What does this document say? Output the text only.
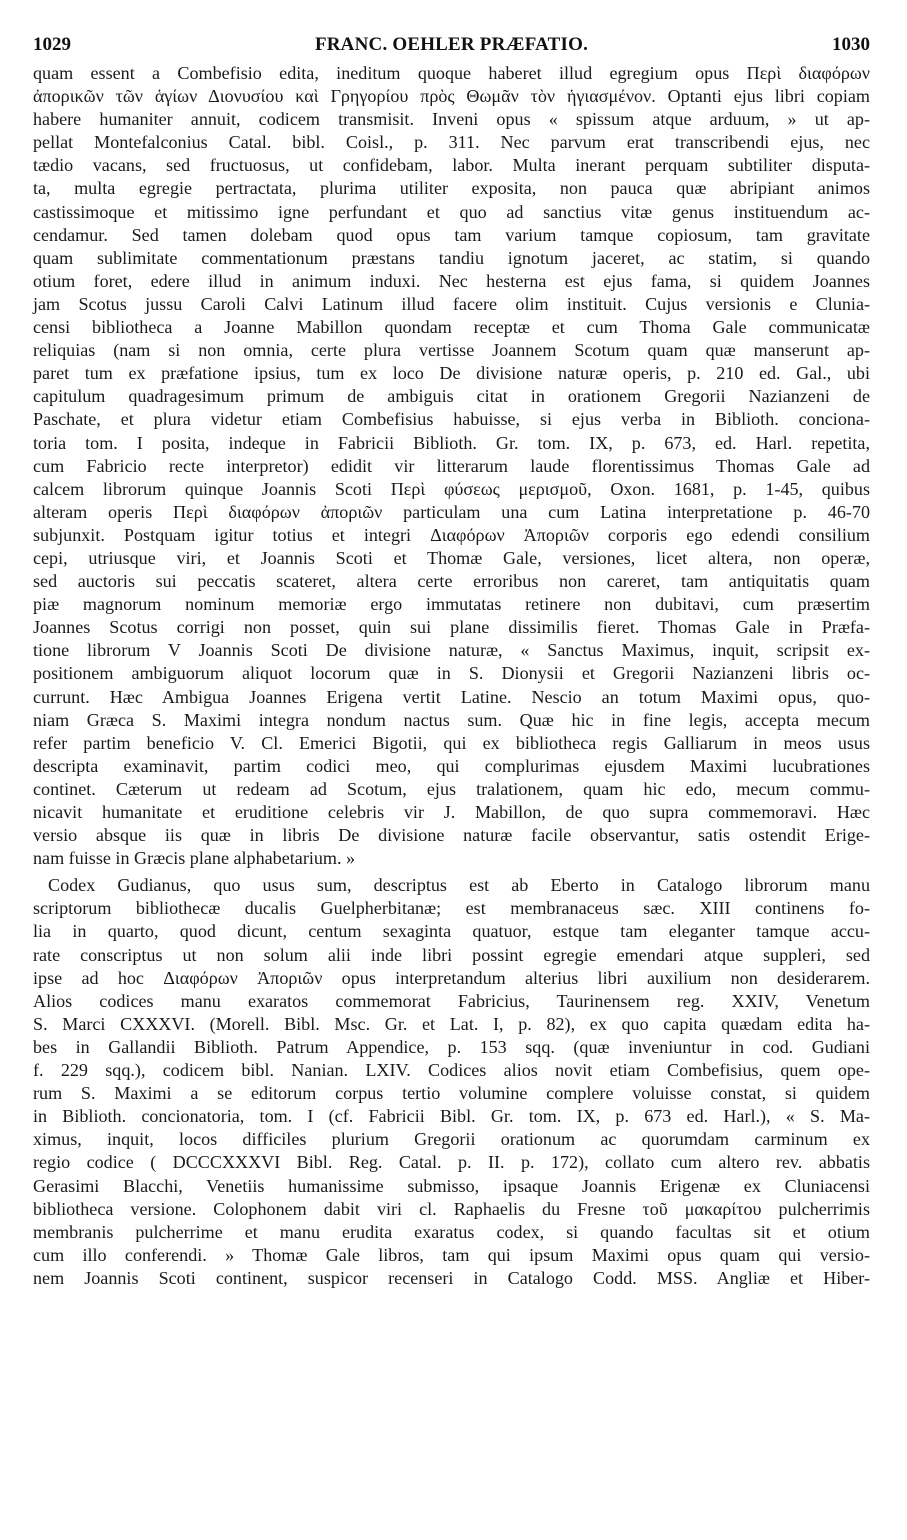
1029	FRANC. OEHLER PRÆFATIO.	1030
quam essent a Combefisio edita, ineditum quoque haberet illud egregium opus Περὶ διαφόρων
ἀπορικῶν τῶν ἁγίων Διονυσίου καὶ Γρηγορίου πρὸς Θωμᾶν τὸν ἡγιασμένον. Optanti ejus libri copiam
habere humaniter annuit, codicem transmisit. Inveni opus « spissum atque arduum, » ut ap-
pellat Montefalconius Catal. bibl. Coisl., p. 311. Nec parvum erat transcribendi ejus, nec
tædio vacans, sed fructuosus, ut confidebam, labor. Multa inerant perquam subtiliter disputa-
ta, multa egregie pertractata, plurima utiliter exposita, non pauca quæ abripiant animos
castissimoque et mitissimo igne perfundant et quo ad sanctius vitæ genus instituendum ac-
cendamur. Sed tamen dolebam quod opus tam varium tamque copiosum, tam gravitate
quam sublimitate commentationum præstans tandiu ignotum jaceret, ac statim, si quando
otium foret, edere illud in animum induxi. Nec hesterna est ejus fama, si quidem Joannes
jam Scotus jussu Caroli Calvi Latinum illud facere olim instituit. Cujus versionis e Clunia-
censi bibliotheca a Joanne Mabillon quondam receptæ et cum Thoma Gale communicatæ
reliquias (nam si non omnia, certe plura vertisse Joannem Scotum quam quæ manserunt ap-
paret tum ex præfatione ipsius, tum ex loco De divisione naturæ operis, p. 210 ed. Gal., ubi
capitulum quadragesimum primum de ambiguis citat in orationem Gregorii Nazianzeni de
Paschate, et plura videtur etiam Combefisius habuisse, si ejus verba in Biblioth. conciona-
toria tom. I posita, indeque in Fabricii Biblioth. Gr. tom. IX, p. 673, ed. Harl. repetita,
cum Fabricio recte interpretor) edidit vir litterarum laude florentissimus Thomas Gale ad
calcem librorum quinque Joannis Scoti Περὶ φύσεως μερισμοῦ, Oxon. 1681, p. 1-45, quibus
alteram operis Περὶ διαφόρων ἀποριῶν particulam una cum Latina interpretatione p. 46-70
subjunxit. Postquam igitur totius et integri Διαφόρων Ἀποριῶν corporis ego edendi consilium
cepi, utriusque viri, et Joannis Scoti et Thomæ Gale, versiones, licet altera, non operæ,
sed auctoris sui peccatis scateret, altera certe erroribus non careret, tam antiquitatis quam
piæ magnorum nominum memoriæ ergo immutatas retinere non dubitavi, cum præsertim
Joannes Scotus corrigi non posset, quin sui plane dissimilis fieret. Thomas Gale in Præfa-
tione librorum V Joannis Scoti De divisione naturæ, « Sanctus Maximus, inquit, scripsit ex-
positionem ambiguorum aliquot locorum quæ in S. Dionysii et Gregorii Nazianzeni libris oc-
currunt. Hæc Ambigua Joannes Erigena vertit Latine. Nescio an totum Maximi opus, quo-
niam Græca S. Maximi integra nondum nactus sum. Quæ hic in fine legis, accepta mecum
refer partim beneficio V. Cl. Emerici Bigotii, qui ex bibliotheca regis Galliarum in meos usus
descripta examinavit, partim codici meo, qui complurimas ejusdem Maximi lucubrationes
continet. Cæterum ut redeam ad Scotum, ejus tralationem, quam hic edo, mecum commu-
nicavit humanitate et eruditione celebris vir J. Mabillon, de quo supra commemoravi. Hæc
versio absque iis quæ in libris De divisione naturæ facile observantur, satis ostendit Erige-
nam fuisse in Græcis plane alphabetarium. »
Codex Gudianus, quo usus sum, descriptus est ab Eberto in Catalogo librorum manu
scriptorum bibliothecæ ducalis Guelpherbitanæ; est membranaceus sæc. XIII continens fo-
lia in quarto, quod dicunt, centum sexaginta quatuor, estque tam eleganter tamque accu-
rate conscriptus ut non solum alii inde libri possint egregie emendari atque suppleri, sed
ipse ad hoc Διαφόρων Ἀποριῶν opus interpretandum alterius libri auxilium non desiderarem.
Alios codices manu exaratos commemorat Fabricius, Taurinensem reg. XXIV, Venetum
S. Marci CXXXVI. (Morell. Bibl. Msc. Gr. et Lat. I, p. 82), ex quo capita quædam edita ha-
bes in Gallandii Biblioth. Patrum Appendice, p. 153 sqq. (quæ inveniuntur in cod. Gudiani
f. 229 sqq.), codicem bibl. Nanian. LXIV. Codices alios novit etiam Combefisius, quem ope-
rum S. Maximi a se editorum corpus tertio volumine complere voluisse constat, si quidem
in Biblioth. concionatoria, tom. I (cf. Fabricii Bibl. Gr. tom. IX, p. 673 ed. Harl.), « S. Ma-
ximus, inquit, locos difficiles plurium Gregorii orationum ac quorumdam carminum ex
regio codice ( DCCCXXXVI Bibl. Reg. Catal. p. II. p. 172), collato cum altero rev. abbatis
Gerasimi Blacchi, Venetiis humanissime submisso, ipsaque Joannis Erigenæ ex Cluniacensi
bibliotheca versione. Colophonem dabit viri cl. Raphaelis du Fresne τοῦ μακαρίτου pulcherrimis
membranis pulcherrime et manu erudita exaratus codex, si quando facultas sit et otium
cum illo conferendi. » Thomæ Gale libros, tam qui ipsum Maximi opus quam qui versio-
nem Joannis Scoti continent, suspicor recenseri in Catalogo Codd. MSS. Angliæ et Hiber-
